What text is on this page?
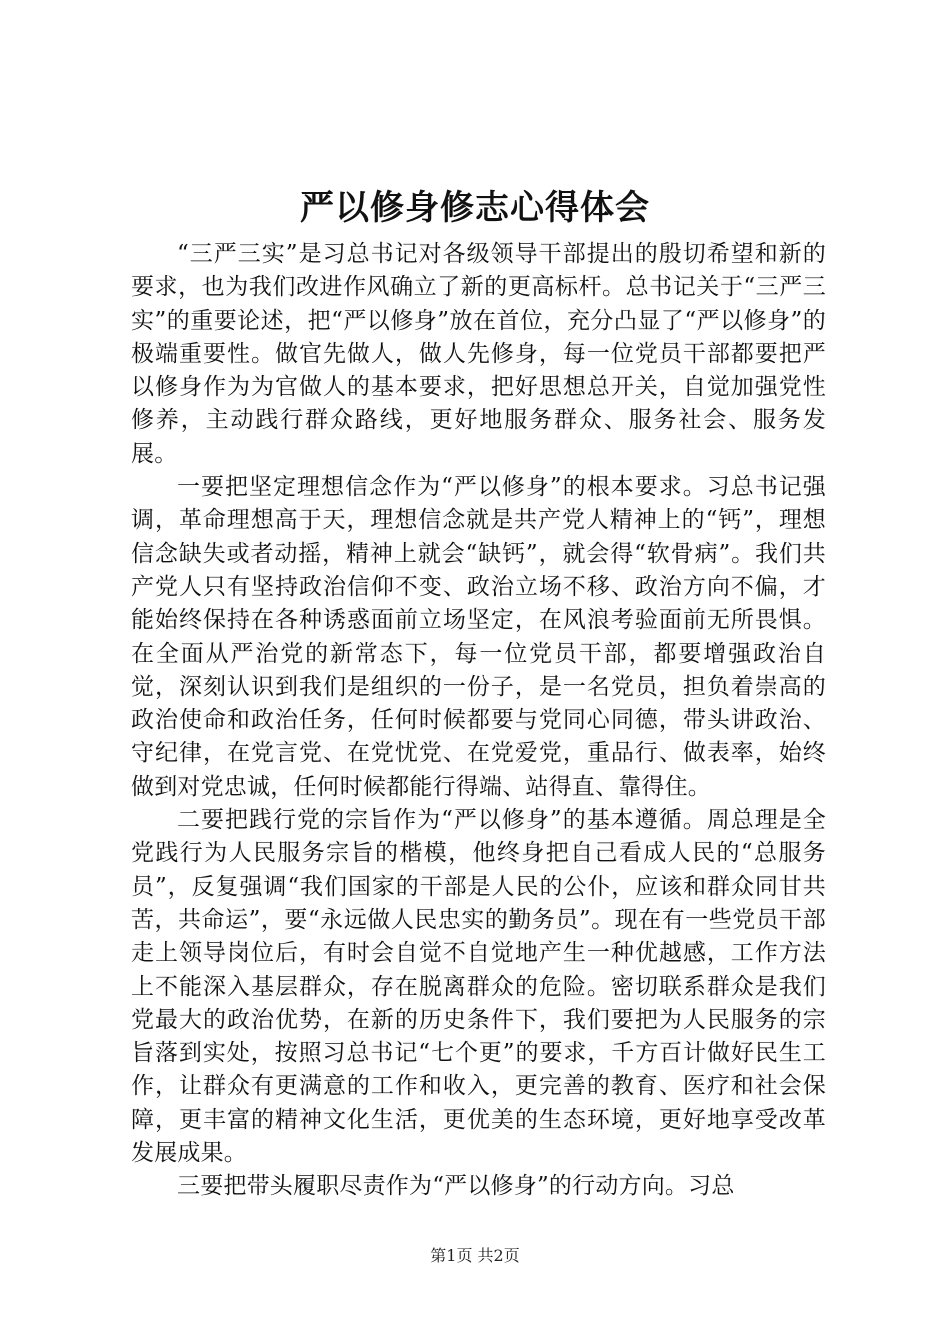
严以修身修志心得体会

“三严三实”是习总书记对各级领导干部提出的殷切希望和新的要求，也为我们改进作风确立了新的更高标杆。总书记关于“三严三实”的重要论述，把“严以修身”放在首位，充分凸显了“严以修身”的极端重要性。做官先做人，做人先修身，每一位党员干部都要把严以修身作为为官做人的基本要求，把好思想总开关，自觉加强党性修养，主动践行群众路线，更好地服务群众、服务社会、服务发展。

一要把坚定理想信念作为“严以修身”的根本要求。习总书记强调，革命理想高于天，理想信念就是共产党人精神上的“钙”，理想信念缺失或者动摇，精神上就会“缺钙”，就会得“软骨病”。我们共产党人只有坚持政治信仰不变、政治立场不移、政治方向不偏，才能始终保持在各种诱惑面前立场坚定，在风浪考验面前无所畏惧。在全面从严治党的新常态下，每一位党员干部，都要增强政治自觉，深刻认识到我们是组织的一份子，是一名党员，担负着崇高的政治使命和政治任务，任何时候都要与党同心同德，带头讲政治、守纪律，在党言党、在党忧党、在党爱党，重品行、做表率，始终做到对党忠诚，任何时候都能行得端、站得直、靠得住。

二要把践行党的宗旨作为“严以修身”的基本遵循。周总理是全党践行为人民服务宗旨的楷模，他终身把自己看成人民的“总服务员”，反复强调“我们国家的干部是人民的公仆，应该和群众同甘共苦，共命运”，要“永远做人民忠实的勤务员”。现在有一些党员干部走上领导岗位后，有时会自觉不自觉地产生一种优越感，工作方法上不能深入基层群众，存在脱离群众的危险。密切联系群众是我们党最大的政治优势，在新的历史条件下，我们要把为人民服务的宗旨落到实处，按照习总书记“七个更”的要求，千方百计做好民生工作，让群众有更满意的工作和收入，更完善的教育、医疗和社会保障，更丰富的精神文化生活，更优美的生态环境，更好地享受改革发展成果。

三要把带头履职尽责作为“严以修身”的行动方向。习总

第1页 共2页
